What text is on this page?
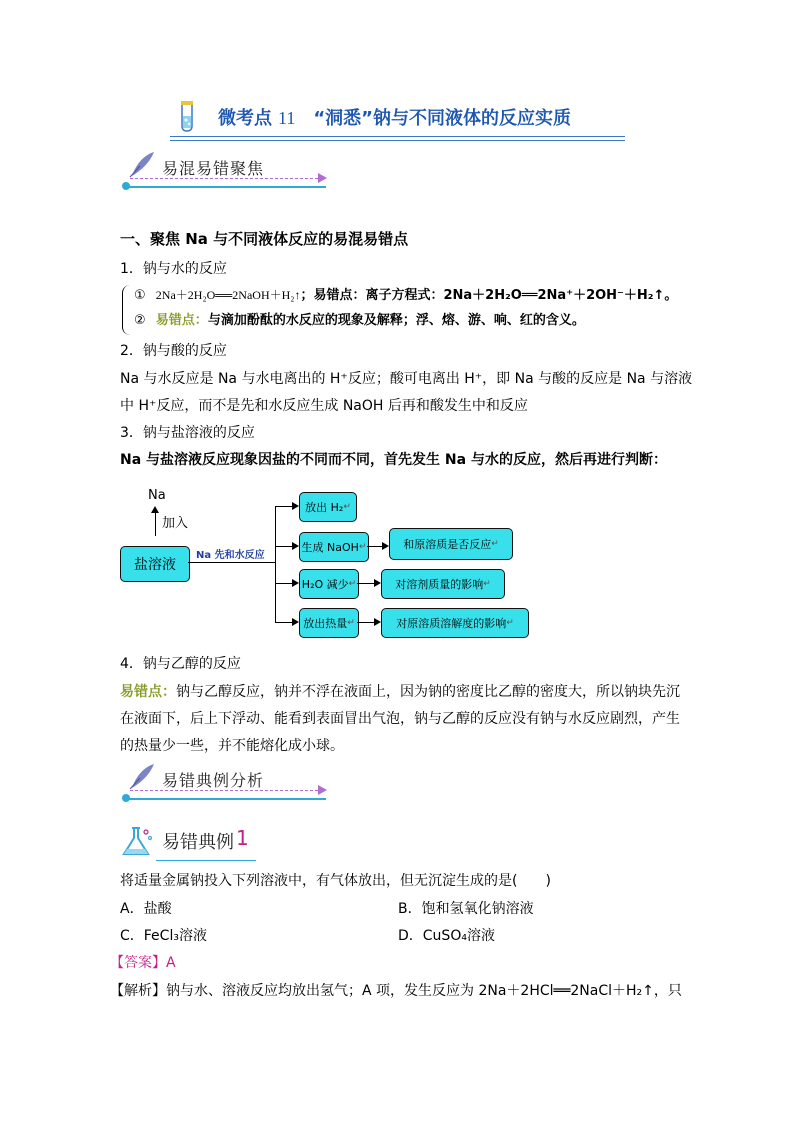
微考点 11 “洞悉”钠与不同液体的反应实质
易混易错聚焦
一、聚焦 Na 与不同液体反应的易混易错点
1．钠与水的反应
① 2Na＋2H₂O══2NaOH＋H₂↑；易错点：离子方程式：2Na＋2H₂O══2Na⁺＋2OH⁻＋H₂↑。
② 易错点：与滴加酚酞的水反应的现象及解释；浮、熔、游、响、红的含义。
2．钠与酸的反应
Na 与水反应是 Na 与水电离出的 H⁺反应；酸可电离出 H⁺，即 Na 与酸的反应是 Na 与溶液
中 H⁺反应，而不是先和水反应生成 NaOH 后再和酸发生中和反应
3．钠与盐溶液的反应
Na 与盐溶液反应现象因盐的不同而不同，首先发生 Na 与水的反应，然后再进行判断：
Na
加入
盐溶液
Na 先和水反应
放出 H₂ ↵
生成 NaOH ↵
H₂O 减少 ↵
放出热量 ↵
和原溶质是否反应 ↵
对溶剂质量的影响 ↵
对原溶质溶解度的影响 ↵
4．钠与乙醇的反应
易错点：钠与乙醇反应，钠并不浮在液面上，因为钠的密度比乙醇的密度大，所以钠块先沉
在液面下，后上下浮动、能看到表面冒出气泡，钠与乙醇的反应没有钠与水反应剧烈，产生
的热量少一些，并不能熔化成小球。
易错典例分析
易错典例 1
将适量金属钠投入下列溶液中，有气体放出，但无沉淀生成的是(　　)
A．盐酸	B．饱和氢氧化钠溶液
C．FeCl₃溶液	D．CuSO₄溶液
【答案】A
【解析】钠与水、溶液反应均放出氢气；A 项，发生反应为 2Na＋2HCl══2NaCl＋H₂↑，只
